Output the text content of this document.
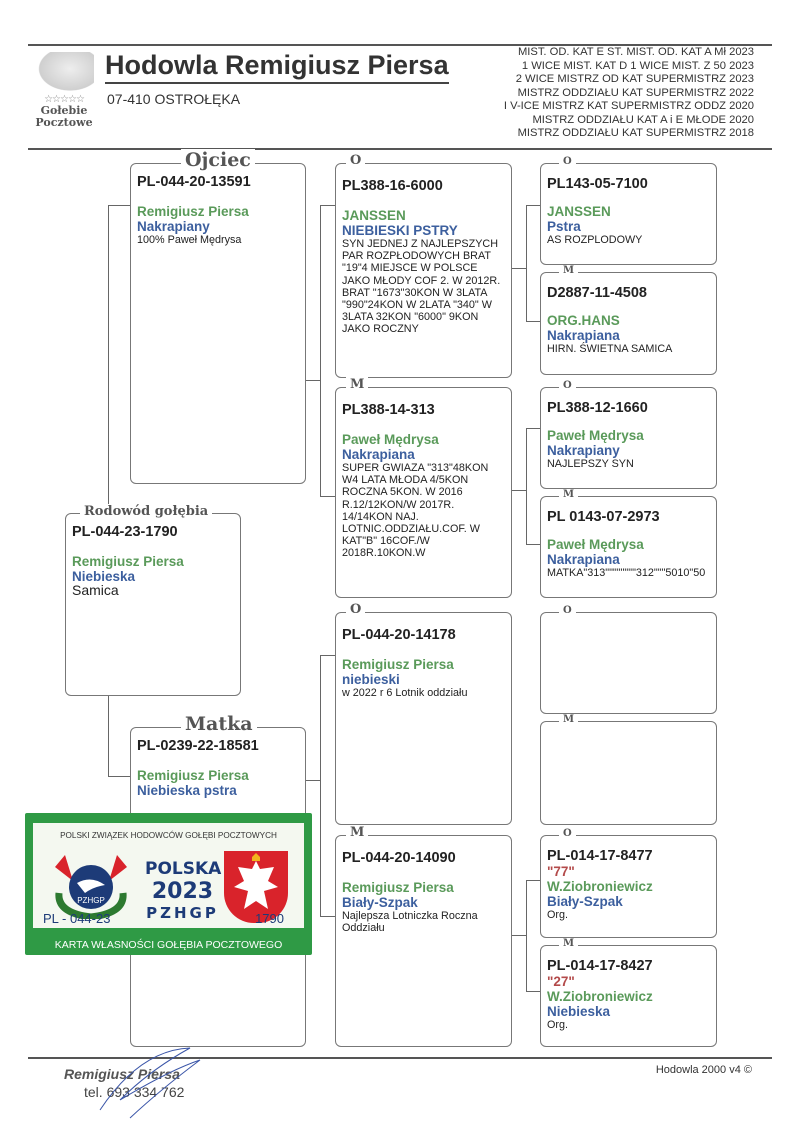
☆☆☆☆☆
Gołebie
Pocztowe
Hodowla Remigiusz Piersa
07-410 OSTROŁĘKA
MIST. OD. KAT E ST. MIST. OD. KAT A Mł 2023
1 WICE MIST. KAT D 1 WICE MIST. Z 50 2023
2 WICE MISTRZ OD KAT SUPERMISTRZ 2023
MISTRZ ODDZIAŁU KAT SUPERMISTRZ 2022
I V-ICE MISTRZ KAT SUPERMISTRZ ODDZ 2020
MISTRZ ODDZIAŁU KAT A i E MŁODE 2020
MISTRZ ODDZIAŁU KAT SUPERMISTRZ 2018
Ojciec
PL-044-20-13591
Remigiusz Piersa
Nakrapiany
100% Paweł Mędrysa
Rodowód gołębia
PL-044-23-1790
Remigiusz Piersa
Niebieska
Samica
Matka
PL-0239-22-18581
Remigiusz Piersa
Niebieska pstra
O
PL388-16-6000
JANSSEN
NIEBIESKI PSTRY
SYN JEDNEJ Z NAJLEPSZYCH PAR ROZPŁODOWYCH BRAT "19"4 MIEJSCE W POLSCE JAKO MŁODY COF 2. W 2012R. BRAT "1673"30KON W 3LATA "990"24KON W 2LATA "340" W 3LATA 32KON "6000" 9KON JAKO ROCZNY
M
PL388-14-313
Paweł Mędrysa
Nakrapiana
SUPER GWIAZA "313"48KON W4 LATA MŁODA 4/5KON ROCZNA 5KON. W 2016 R.12/12KON/W 2017R. 14/14KON NAJ. LOTNIC.ODDZIAŁU.COF. W KAT"B" 16COF./W 2018R.10KON.W
O
PL-044-20-14178
Remigiusz Piersa
niebieski
w 2022 r 6 Lotnik oddziału
M
PL-044-20-14090
Remigiusz Piersa
Biały-Szpak
Najlepsza Lotniczka Roczna Oddziału
O
PL143-05-7100
JANSSEN
Pstra
AS ROZPLODOWY
M
D2887-11-4508
ORG.HANS
Nakrapiana
HIRN. ŚWIETNA SAMICA
O
PL388-12-1660
Paweł Mędrysa
Nakrapiany
NAJLEPSZY SYN
M
PL 0143-07-2973
Paweł Mędrysa
Nakrapiana
MATKA"313""""""""312"""5010"50
O
M
O
PL-014-17-8477
"77"
W.Ziobroniewicz
Biały-Szpak
Org.
M
PL-014-17-8427
"27"
W.Ziobroniewicz
Niebieska
Org.
POLSKI ZWIĄZEK HODOWCÓW GOŁĘBI POCZTOWYCH
PZHGP
POLSKA
2023
PZHGP
PL - 044-23	1790
KARTA WŁASNOŚCI GOŁĘBIA POCZTOWEGO
Remigiusz Piersa
tel. 693 334 762
Hodowla 2000 v4 ©
